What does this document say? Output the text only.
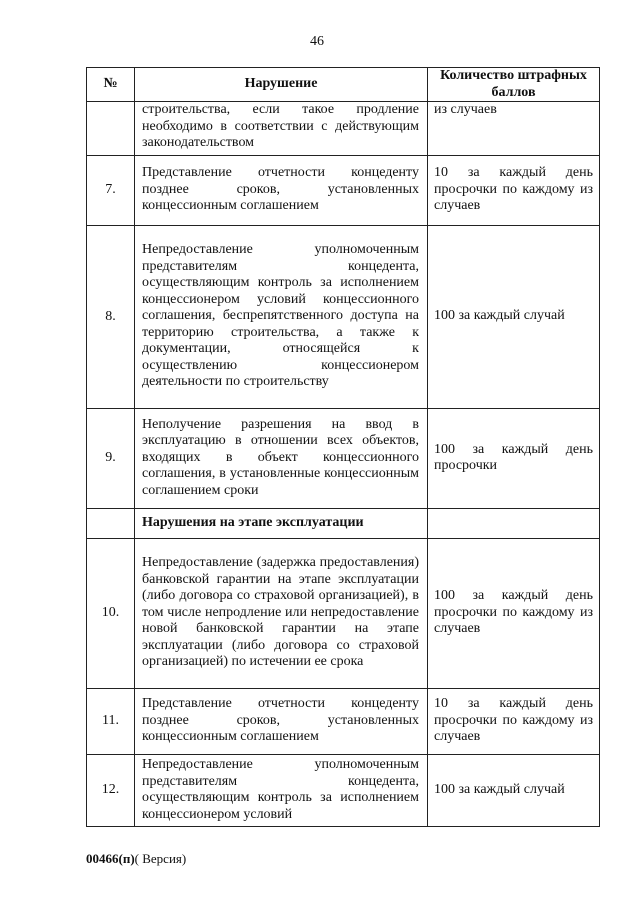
46
№	Нарушение	Количество штрафных баллов
	строительства, если такое продление необходимо в соответствии с действующим законодательством	из случаев
7.	Представление отчетности концеденту позднее сроков, установленных концессионным соглашением	10 за каждый день просрочки по каждому из случаев
8.	Непредоставление уполномоченным представителям концедента, осуществляющим контроль за исполнением концессионером условий концессионного соглашения, беспрепятственного доступа на территорию строительства, а также к документации, относящейся к осуществлению концессионером деятельности по строительству	100 за каждый случай
9.	Неполучение разрешения на ввод в эксплуатацию в отношении всех объектов, входящих в объект концессионного соглашения, в установленные концессионным соглашением сроки	100 за каждый день просрочки
	Нарушения на этапе эксплуатации	
10.	Непредоставление (задержка предоставления) банковской гарантии на этапе эксплуатации (либо договора со страховой организацией), в том числе непродление или непредоставление новой банковской гарантии на этапе эксплуатации (либо договора со страховой организацией) по истечении ее срока	100 за каждый день просрочки по каждому из случаев
11.	Представление отчетности концеденту позднее сроков, установленных концессионным соглашением	10 за каждый день просрочки по каждому из случаев
12.	Непредоставление уполномоченным представителям концедента, осуществляющим контроль за исполнением концессионером условий	100 за каждый случай
00466(п)( Версия)
